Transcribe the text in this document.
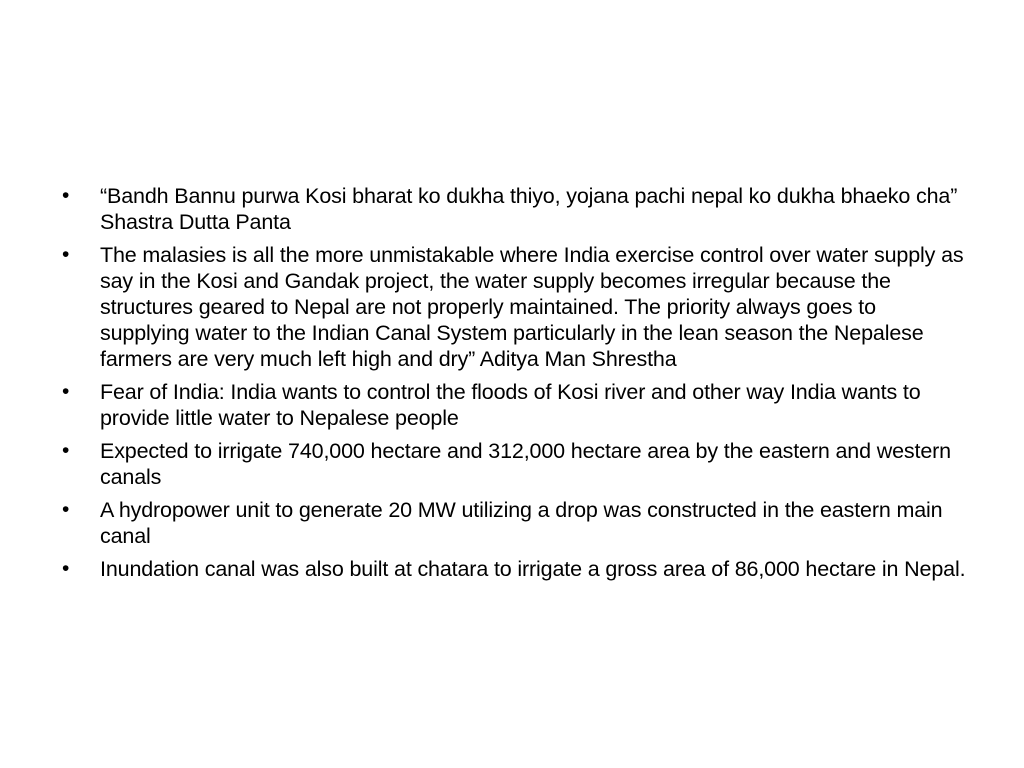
• “Bandh Bannu purwa Kosi bharat ko dukha thiyo, yojana pachi nepal ko dukha bhaeko cha” Shastra Dutta Panta
• The malasies is all the more unmistakable where India exercise control over water supply as say in the Kosi and Gandak project, the water supply becomes irregular because the structures geared to Nepal are not properly maintained. The priority always goes to supplying water to the Indian Canal System particularly in the lean season the Nepalese farmers are very much left high and dry” Aditya Man Shrestha
• Fear of India: India wants to control the floods of Kosi river and other way India wants to provide little water to Nepalese people
• Expected to irrigate 740,000 hectare and 312,000 hectare area by the eastern and western canals
• A hydropower unit to generate 20 MW utilizing a drop was constructed in the eastern main canal
• Inundation canal was also built at chatara to irrigate a gross area of 86,000 hectare in Nepal.
